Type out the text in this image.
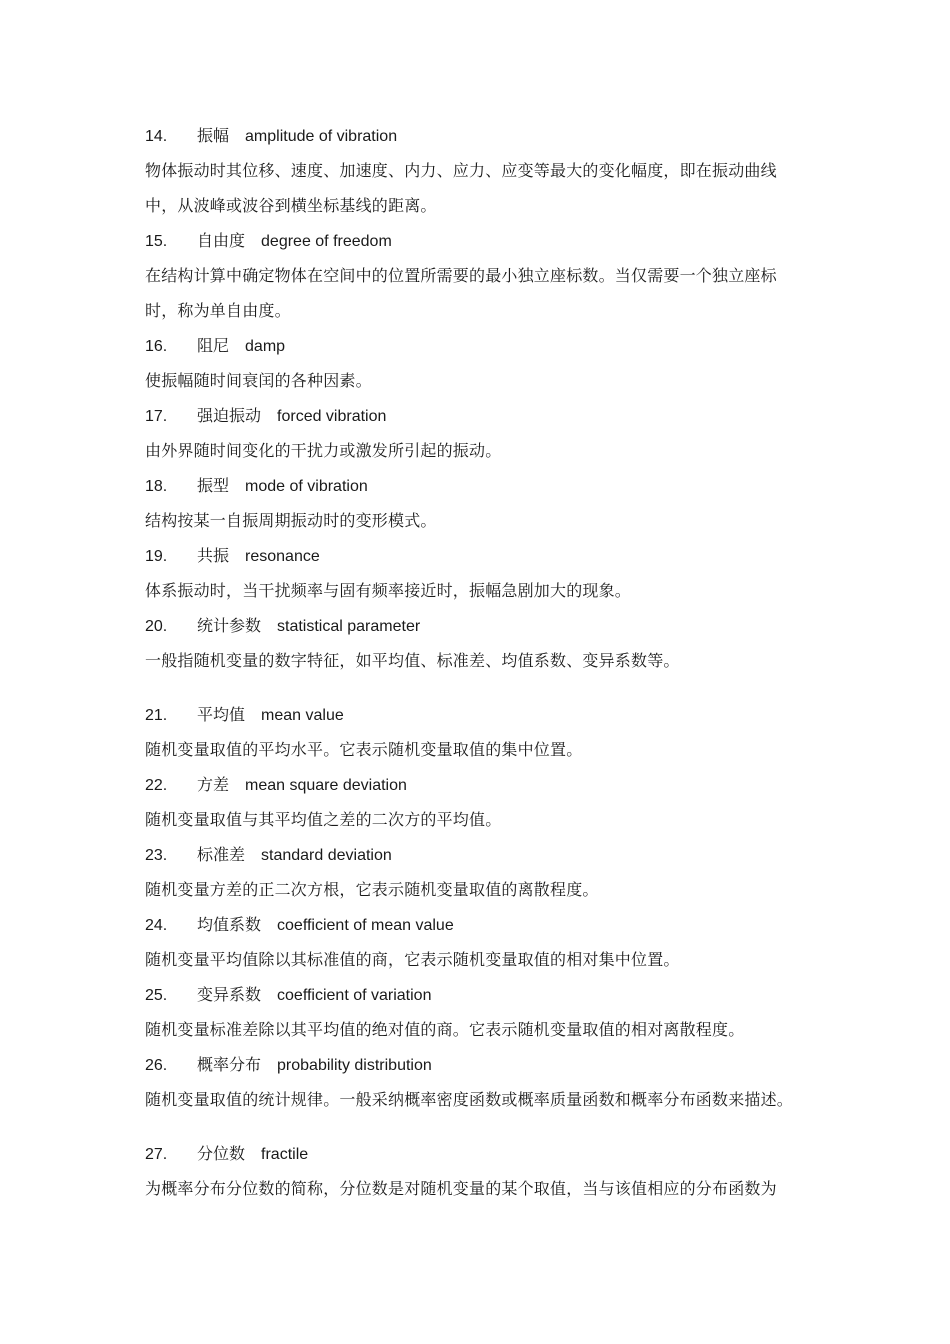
14. 振幅 amplitude of vibration
物体振动时其位移、速度、加速度、内力、应力、应变等最大的变化幅度，即在振动曲线
中，从波峰或波谷到横坐标基线的距离。
15. 自由度 degree of freedom
在结构计算中确定物体在空间中的位置所需要的最小独立座标数。当仅需要一个独立座标
时，称为单自由度。
16. 阻尼 damp
使振幅随时间衰闰的各种因素。
17. 强迫振动 forced vibration
由外界随时间变化的干扰力或激发所引起的振动。
18. 振型 mode of vibration
结构按某一自振周期振动时的变形模式。
19. 共振 resonance
体系振动时，当干扰频率与固有频率接近时，振幅急剧加大的现象。
20. 统计参数 statistical parameter
一般指随机变量的数字特征，如平均值、标准差、均值系数、变异系数等。
21. 平均值 mean value
随机变量取值的平均水平。它表示随机变量取值的集中位置。
22. 方差 mean square deviation
随机变量取值与其平均值之差的二次方的平均值。
23. 标准差 standard deviation
随机变量方差的正二次方根，它表示随机变量取值的离散程度。
24. 均值系数 coefficient of mean value
随机变量平均值除以其标准值的商，它表示随机变量取值的相对集中位置。
25. 变异系数 coefficient of variation
随机变量标准差除以其平均值的绝对值的商。它表示随机变量取值的相对离散程度。
26. 概率分布 probability distribution
随机变量取值的统计规律。一般采纳概率密度函数或概率质量函数和概率分布函数来描述。
27. 分位数 fractile
为概率分布分位数的简称，分位数是对随机变量的某个取值，当与该值相应的分布函数为
